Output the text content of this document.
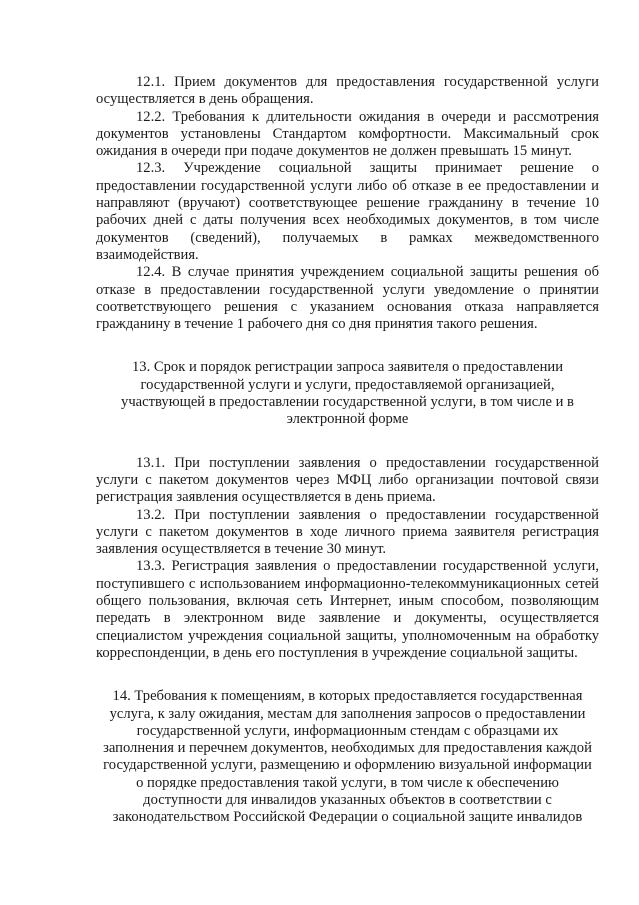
12.1. Прием документов для предоставления государственной услуги осуществляется в день обращения.

12.2. Требования к длительности ожидания в очереди и рассмотрения документов установлены Стандартом комфортности. Максимальный срок ожидания в очереди при подаче документов не должен превышать 15 минут.

12.3. Учреждение социальной защиты принимает решение о предоставлении государственной услуги либо об отказе в ее предоставлении и направляют (вручают) соответствующее решение гражданину в течение 10 рабочих дней с даты получения всех необходимых документов, в том числе документов (сведений), получаемых в рамках межведомственного взаимодействия.

12.4. В случае принятия учреждением социальной защиты решения об отказе в предоставлении государственной услуги уведомление о принятии соответствующего решения с указанием основания отказа направляется гражданину в течение 1 рабочего дня со дня принятия такого решения.

13. Срок и порядок регистрации запроса заявителя о предоставлении государственной услуги и услуги, предоставляемой организацией, участвующей в предоставлении государственной услуги, в том числе и в электронной форме

13.1. При поступлении заявления о предоставлении государственной услуги с пакетом документов через МФЦ либо организации почтовой связи регистрация заявления осуществляется в день приема.

13.2. При поступлении заявления о предоставлении государственной услуги с пакетом документов в ходе личного приема заявителя регистрация заявления осуществляется в течение 30 минут.

13.3. Регистрация заявления о предоставлении государственной услуги, поступившего с использованием информационно-телекоммуникационных сетей общего пользования, включая сеть Интернет, иным способом, позволяющим передать в электронном виде заявление и документы, осуществляется специалистом учреждения социальной защиты, уполномоченным на обработку корреспонденции, в день его поступления в учреждение социальной защиты.

14. Требования к помещениям, в которых предоставляется государственная услуга, к залу ожидания, местам для заполнения запросов о предоставлении государственной услуги, информационным стендам с образцами их заполнения и перечнем документов, необходимых для предоставления каждой государственной услуги, размещению и оформлению визуальной информации о порядке предоставления такой услуги, в том числе к обеспечению доступности для инвалидов указанных объектов в соответствии с законодательством Российской Федерации о социальной защите инвалидов
